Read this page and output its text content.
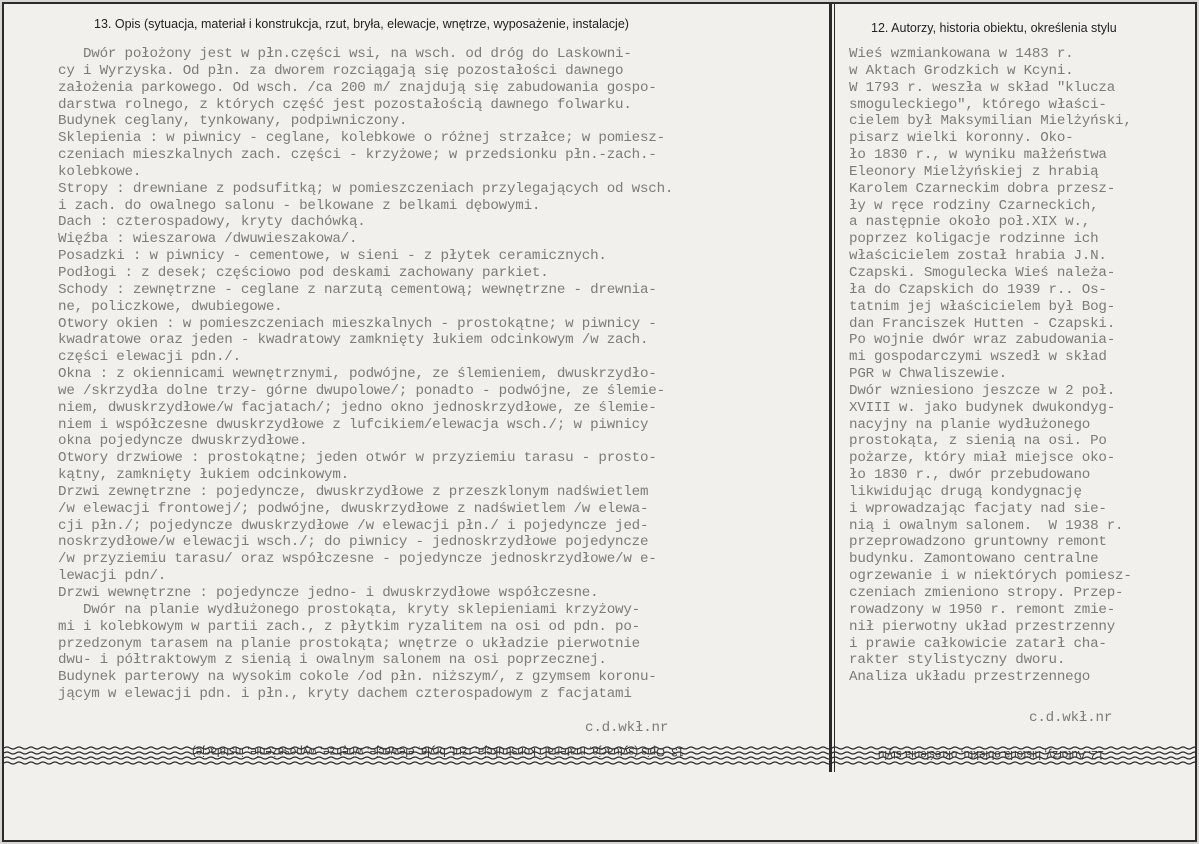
13. Opis (sytuacja, materiał i konstrukcja, rzut, bryła, elewacje, wnętrze, wyposażenie, instalacje)	12. Autorzy, historia obiektu, określenia stylu
Dwór położony jest w płn.części wsi, na wsch. od dróg do Laskowni-
cy i Wyrzyska. Od płn. za dworem rozciągają się pozostałości dawnego
założenia parkowego. Od wsch. /ca 200 m/ znajdują się zabudowania gospo-
darstwa rolnego, z których część jest pozostałością dawnego folwarku.
Budynek ceglany, tynkowany, podpiwniczony.
Sklepienia : w piwnicy - ceglane, kolebkowe o różnej strzałce; w pomiesz-
czeniach mieszkalnych zach. części - krzyżowe; w przedsionku płn.-zach.-
kolebkowe.
Stropy : drewniane z podsufitką; w pomieszczeniach przylegających od wsch.
i zach. do owalnego salonu - belkowane z belkami dębowymi.
Dach : czterospadowy, kryty dachówką.
Więźba : wieszarowa /dwuwieszakowa/.
Posadzki : w piwnicy - cementowe, w sieni - z płytek ceramicznych.
Podłogi : z desek; częściowo pod deskami zachowany parkiet.
Schody : zewnętrzne - ceglane z narzutą cementową; wewnętrzne - drewnia-
ne, policzkowe, dwubiegowe.
Otwory okien : w pomieszczeniach mieszkalnych - prostokątne; w piwnicy -
kwadratowe oraz jeden - kwadratowy zamknięty łukiem odcinkowym /w zach.
części elewacji pdn./.
Okna : z okiennicami wewnętrznymi, podwójne, ze ślemieniem, dwuskrzydło-
we /skrzydła dolne trzy- górne dwupolowe/; ponadto - podwójne, ze ślemie-
niem, dwuskrzydłowe/w facjatach/; jedno okno jednoskrzydłowe, ze ślemie-
niem i współczesne dwuskrzydłowe z lufcikiem/elewacja wsch./; w piwnicy
okna pojedyncze dwuskrzydłowe.
Otwory drzwiowe : prostokątne; jeden otwór w przyziemiu tarasu - prosto-
kątny, zamknięty łukiem odcinkowym.
Drzwi zewnętrzne : pojedyncze, dwuskrzydłowe z przeszklonym nadświetlem
/w elewacji frontowej/; podwójne, dwuskrzydłowe z nadświetlem /w elewa-
cji płn./; pojedyncze dwuskrzydłowe /w elewacji płn./ i pojedyncze jed-
noskrzydłowe/w elewacji wsch./; do piwnicy - jednoskrzydłowe pojedyncze
/w przyziemiu tarasu/ oraz współczesne - pojedyncze jednoskrzydłowe/w e-
lewacji pdn/.
Drzwi wewnętrzne : pojedyncze jedno- i dwuskrzydłowe współczesne.
Dwór na planie wydłużonego prostokąta, kryty sklepieniami krzyżowy-
mi i kolebkowym w partii zach., z płytkim ryzalitem na osi od pdn. po-
przedzonym tarasem na planie prostokąta; wnętrze o układzie pierwotnie
dwu- i półtraktowym z sienią i owalnym salonem na osi poprzecznej.
Budynek parterowy na wysokim cokole /od płn. niższym/, z gzymsem koronu-
jącym w elewacji pdn. i płn., kryty dachem czterospadowym z facjatami
c.d.wkł.nr
Wieś wzmiankowana w 1483 r.
w Aktach Grodzkich w Kcyni.
W 1793 r. weszła w skład "klucza
smogulеckiego", którego właści-
cielem był Maksymilian Mielżyński,
pisarz wielki koronny. Oko-
ło 1830 r., w wyniku małżeństwa
Eleonory Mielżyńskiej z hrabią
Karolem Czarneckim dobra przesz-
ły w ręce rodziny Czarneckich,
a następnie około poł.XIX w.,
poprzez koligacje rodzinne ich
właścicielem został hrabia J.N.
Czapski. Smogulecka Wieś należa-
ła do Czapskich do 1939 r.. Os-
tatnim jej właścicielem był Bog-
dan Franciszek Hutten - Czapski.
Po wojnie dwór wraz zabudowania-
mi gospodarczymi wszedł w skład
PGR w Chwaliszewie.
Dwór wzniesiono jeszcze w 2 poł.
XVIII w. jako budynek dwukondyg-
nacyjny na planie wydłużonego
prostokąta, z sienią na osi. Po
pożarze, który miał miejsce oko-
ło 1830 r., dwór przebudowano
likwidując drugą kondygnację
i wprowadzając facjaty nad sie-
nią i owalnym salonem.  W 1938 r.
przeprowadzono gruntowny remont
budynku. Zamontowano centralne
ogrzewanie i w niektórych pomiesz-
czeniach zmieniono stropy. Przep-
rowadzony w 1950 r. remont zmie-
nił pierwotny układ przestrzenny
i prawie całkowicie zatarł cha-
rakter stylistyczny dworu.
Analiza układu przestrzennego
c.d.wkł.nr
13. Opis (sytuacja, materiał i konstrukcja, rzut, bryła, elewacje, wnętrze, wyposażenie, instalacje)	12. Autorzy, historia obiektu, określenia stylu
